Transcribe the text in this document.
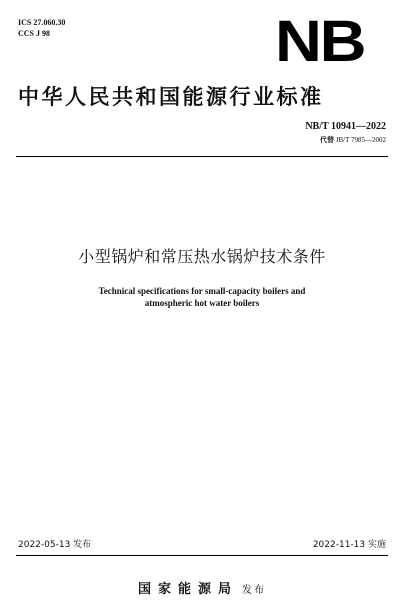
ICS 27.060.30
CCS J 98	NB
中华人民共和国能源行业标准
NB/T 10941—2022
代替 JB/T 7985—2002
小型锅炉和常压热水锅炉技术条件
Technical specifications for small-capacity boilers and
atmospheric hot water boilers
2022-05-13 发布	2022-11-13 实施
国家能源局 发布
